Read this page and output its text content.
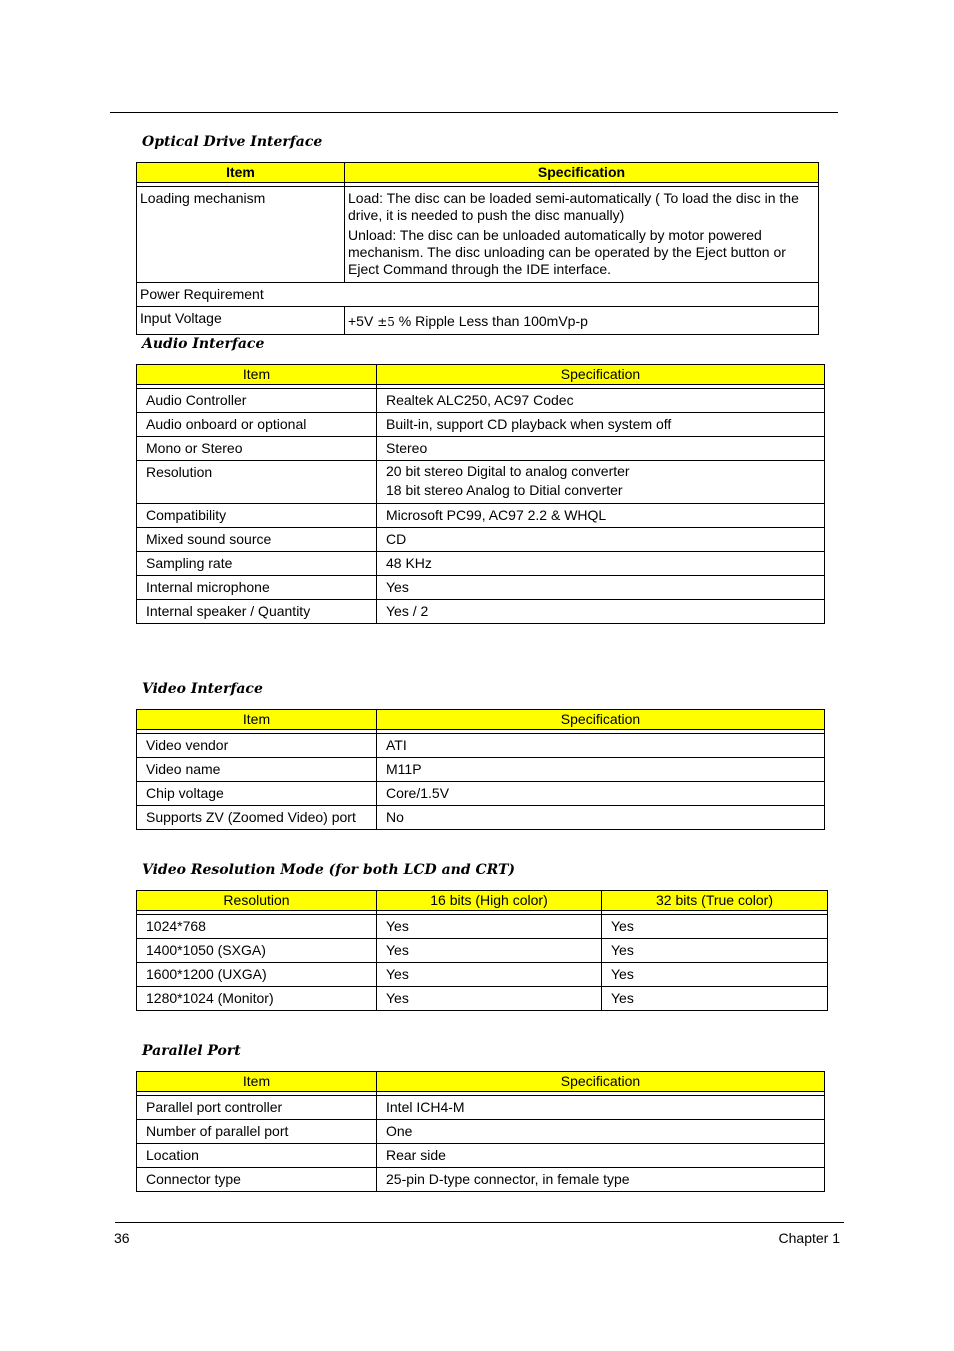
Optical Drive Interface
Item	Specification

Loading mechanism	Load: The disc can be loaded semi-automatically ( To load the disc in the drive, it is needed to push the disc manually)
Unload: The disc can be unloaded automatically by motor powered mechanism. The disc unloading can be operated by the Eject button or Eject Command through the IDE interface.

Power Requirement	
Input Voltage	+5V ±5 % Ripple Less than 100mVp-p
Audio Interface
Item	Specification

Audio Controller	Realtek ALC250, AC97 Codec
Audio onboard or optional	Built-in, support CD playback when system off
Mono or Stereo	Stereo
Resolution	20 bit stereo Digital to analog converter
18 bit stereo Analog to Ditial converter

Compatibility	Microsoft PC99, AC97 2.2 & WHQL
Mixed sound source	CD
Sampling rate	48 KHz
Internal microphone	Yes
Internal speaker / Quantity	Yes / 2
Video Interface
Item	Specification

Video vendor	ATI
Video name	M11P
Chip voltage	Core/1.5V
Supports ZV (Zoomed Video) port	No
Video Resolution Mode (for both LCD and CRT)
Resolution	16 bits (High color)	32 bits (True color)

1024*768	Yes	Yes
1400*1050 (SXGA)	Yes	Yes
1600*1200 (UXGA)	Yes	Yes
1280*1024 (Monitor)	Yes	Yes
Parallel Port
Item	Specification

Parallel port controller	Intel ICH4-M
Number of parallel port	One
Location	Rear side
Connector type	25-pin D-type connector, in female type
36	Chapter 1
